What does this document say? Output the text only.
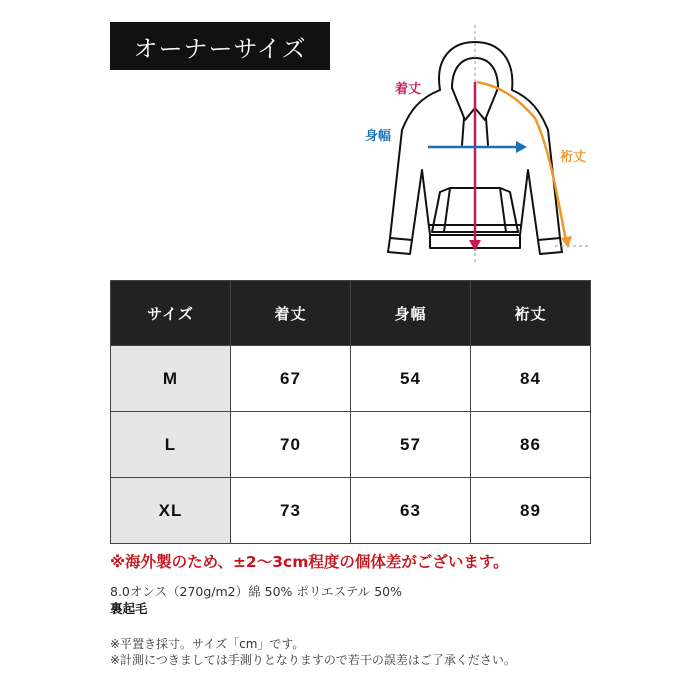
オーナーサイズ
着丈
身幅
裄丈
サイズ	着丈	身幅	裄丈
M	67	54	84
L	70	57	86
XL	73	63	89
※海外製のため、±2～3cm程度の個体差がございます。
8.0オンス（270g/m2）綿 50% ポリエステル 50%
裏起毛
※平置き採寸。サイズ「cm」です。
※計測につきましては手測りとなりますので若干の誤差はご了承ください。
